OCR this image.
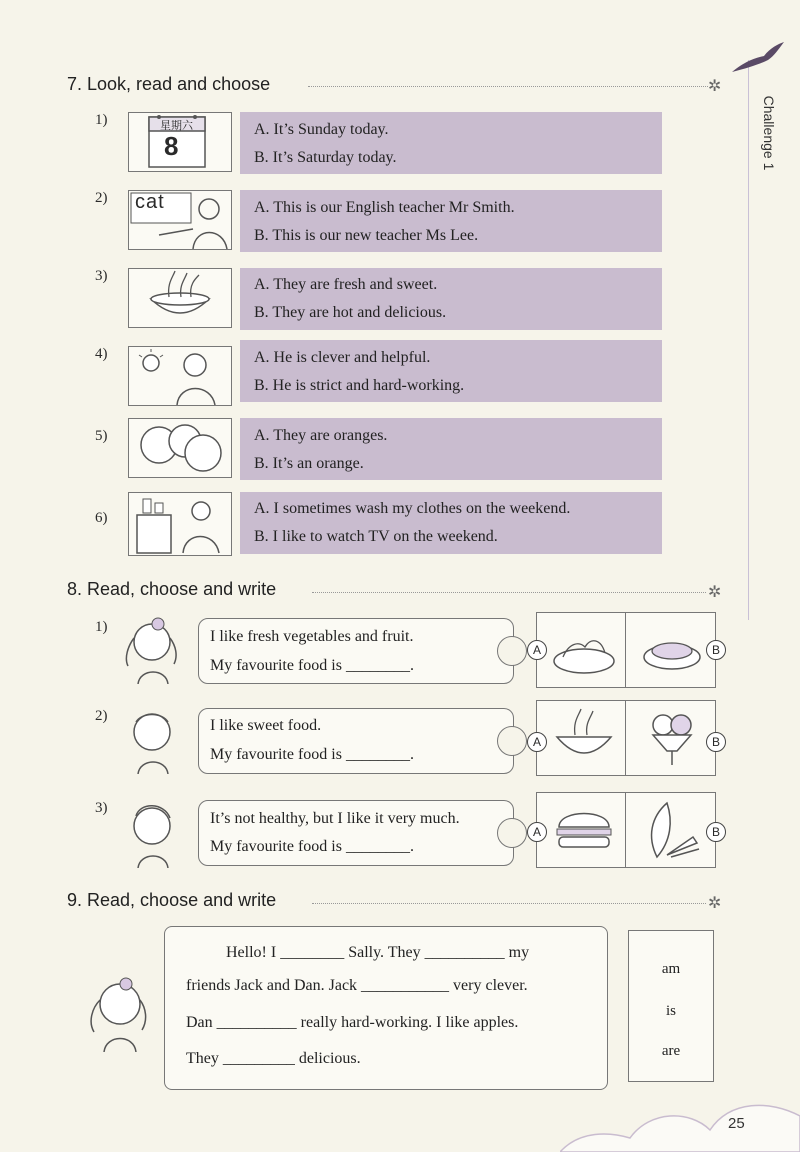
Challenge 1
7. Look, read and choose	✲
1)	星期六
8
A. It’s Sunday today.
B. It’s Saturday today.
2) cat	A. This is our English teacher Mr Smith.
B. This is our new teacher Ms Lee.
3)	A. They are fresh and sweet.
B. They are hot and delicious.
4)	A. He is clever and helpful.
B. He is strict and hard-working.
5)	A. They are oranges.
B. It’s an orange.
6)
A. I sometimes wash my clothes on the weekend.
B. I like to watch TV on the weekend.
8. Read, choose and write	✲
1)
I like fresh vegetables and fruit.
My favourite food is ________.
A	B
2)
I like sweet food.
My favourite food is ________.
A	B
3)
It’s not healthy, but I like it very much.
My favourite food is ________.
A	B
9. Read, choose and write	✲
Hello! I ________ Sally. They __________ my
friends Jack and Dan. Jack ___________ very clever.
Dan __________ really hard-working. I like apples.
They _________ delicious.
am
is
are
25
